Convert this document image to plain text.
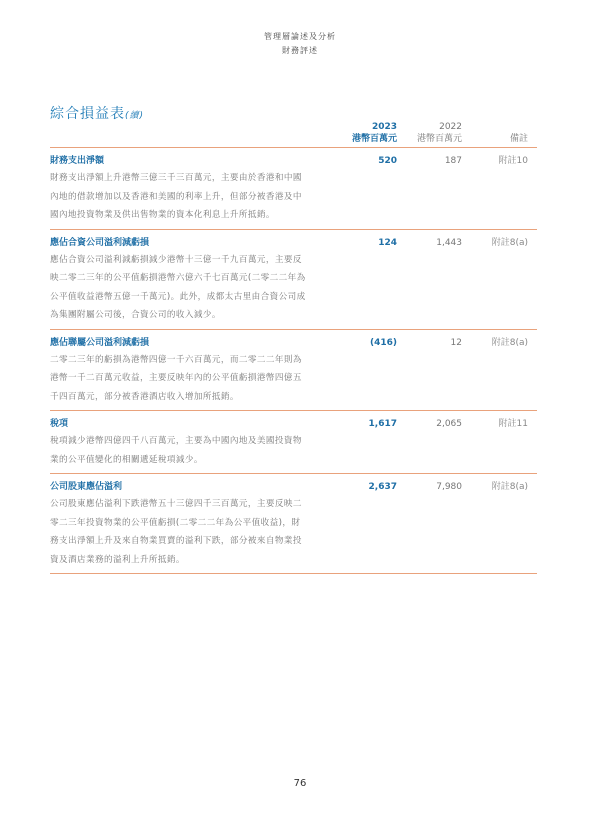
管理層論述及分析
財務評述
綜合損益表(續)
2023
港幣百萬元
2022
港幣百萬元	備註
財務支出淨額
財務支出淨額上升港幣三億三千三百萬元，主要由於香港和中國
內地的借款增加以及香港和美國的利率上升，但部分被香港及中
國內地投資物業及供出售物業的資本化利息上升所抵銷。
520	187	附註10
應佔合資公司溢利減虧損
應佔合資公司溢利減虧損減少港幣十三億一千九百萬元，主要反
映二零二三年的公平值虧損港幣六億六千七百萬元(二零二二年為
公平值收益港幣五億一千萬元)。此外，成都太古里由合資公司成
為集團附屬公司後，合資公司的收入減少。
124	1,443	附註8(a)
應佔聯屬公司溢利減虧損
二零二三年的虧損為港幣四億一千六百萬元，而二零二二年則為
港幣一千二百萬元收益，主要反映年內的公平值虧損港幣四億五
千四百萬元，部分被香港酒店收入增加所抵銷。
(416)	12	附註8(a)
稅項
稅項減少港幣四億四千八百萬元，主要為中國內地及美國投資物
業的公平值變化的相關遞延稅項減少。
1,617	2,065	附註11
公司股東應佔溢利
公司股東應佔溢利下跌港幣五十三億四千三百萬元，主要反映二
零二三年投資物業的公平值虧損(二零二二年為公平值收益)，財
務支出淨額上升及來自物業買賣的溢利下跌，部分被來自物業投
資及酒店業務的溢利上升所抵銷。
2,637	7,980	附註8(a)
76
